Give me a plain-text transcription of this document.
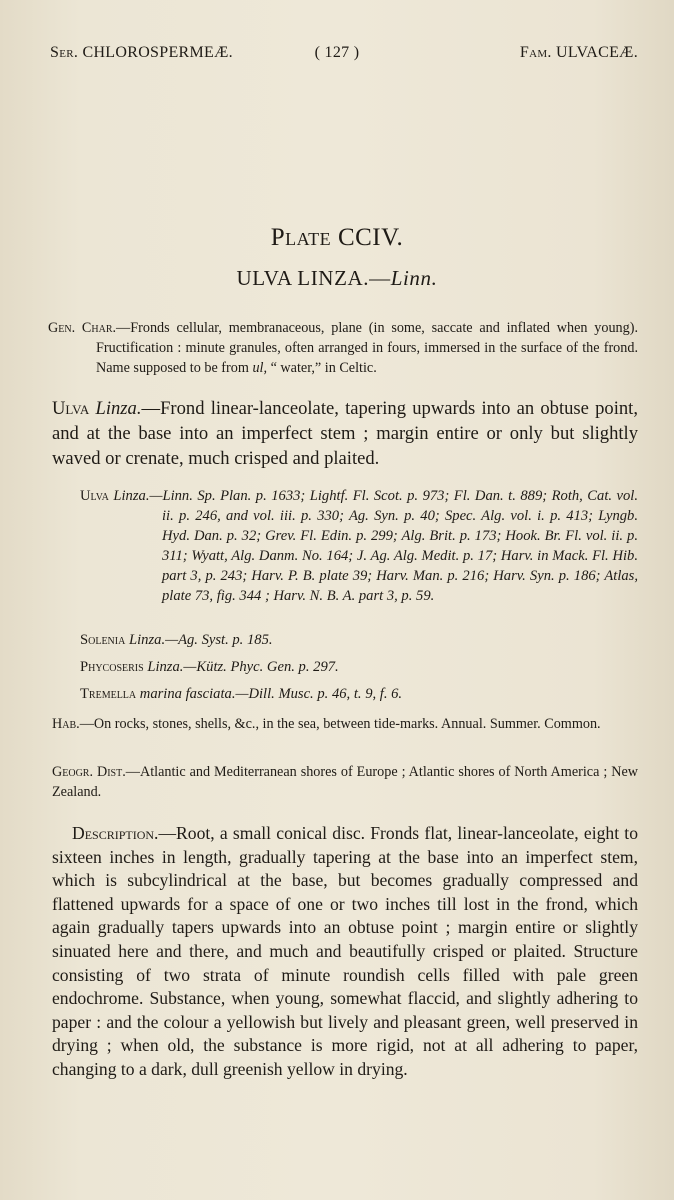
Ser. CHLOROSPERMEÆ.	( 127 )	Fam. ULVACEÆ.
Plate CCIV.
ULVA LINZA.—Linn.
Gen. Char.—Fronds cellular, membranaceous, plane (in some, saccate and inflated when young). Fructification : minute granules, often arranged in fours, immersed in the surface of the frond. Name supposed to be from ul, “ water,” in Celtic.
Ulva Linza.—Frond linear-lanceolate, tapering upwards into an obtuse point, and at the base into an imperfect stem ; margin entire or only but slightly waved or crenate, much crisped and plaited.
Ulva Linza.—Linn. Sp. Plan. p. 1633; Lightf. Fl. Scot. p. 973; Fl. Dan. t. 889; Roth, Cat. vol. ii. p. 246, and vol. iii. p. 330; Ag. Syn. p. 40; Spec. Alg. vol. i. p. 413; Lyngb. Hyd. Dan. p. 32; Grev. Fl. Edin. p. 299; Alg. Brit. p. 173; Hook. Br. Fl. vol. ii. p. 311; Wyatt, Alg. Danm. No. 164; J. Ag. Alg. Medit. p. 17; Harv. in Mack. Fl. Hib. part 3, p. 243; Harv. P. B. plate 39; Harv. Man. p. 216; Harv. Syn. p. 186; Atlas, plate 73, fig. 344 ; Harv. N. B. A. part 3, p. 59.
Solenia Linza.—Ag. Syst. p. 185.
Phycoseris Linza.—Kütz. Phyc. Gen. p. 297.
Tremella marina fasciata.—Dill. Musc. p. 46, t. 9, f. 6.
Hab.—On rocks, stones, shells, &c., in the sea, between tide-marks. Annual. Summer. Common.
Geogr. Dist.—Atlantic and Mediterranean shores of Europe ; Atlantic shores of North America ; New Zealand.
Description.—Root, a small conical disc. Fronds flat, linear-lanceolate, eight to sixteen inches in length, gradually tapering at the base into an imperfect stem, which is subcylindrical at the base, but becomes gradually compressed and flattened upwards for a space of one or two inches till lost in the frond, which again gradually tapers upwards into an obtuse point ; margin entire or slightly sinuated here and there, and much and beautifully crisped or plaited. Structure consisting of two strata of minute roundish cells filled with pale green endochrome. Substance, when young, somewhat flaccid, and slightly adhering to paper : and the colour a yellowish but lively and pleasant green, well preserved in drying ; when old, the substance is more rigid, not at all adhering to paper, changing to a dark, dull greenish yellow in drying.
